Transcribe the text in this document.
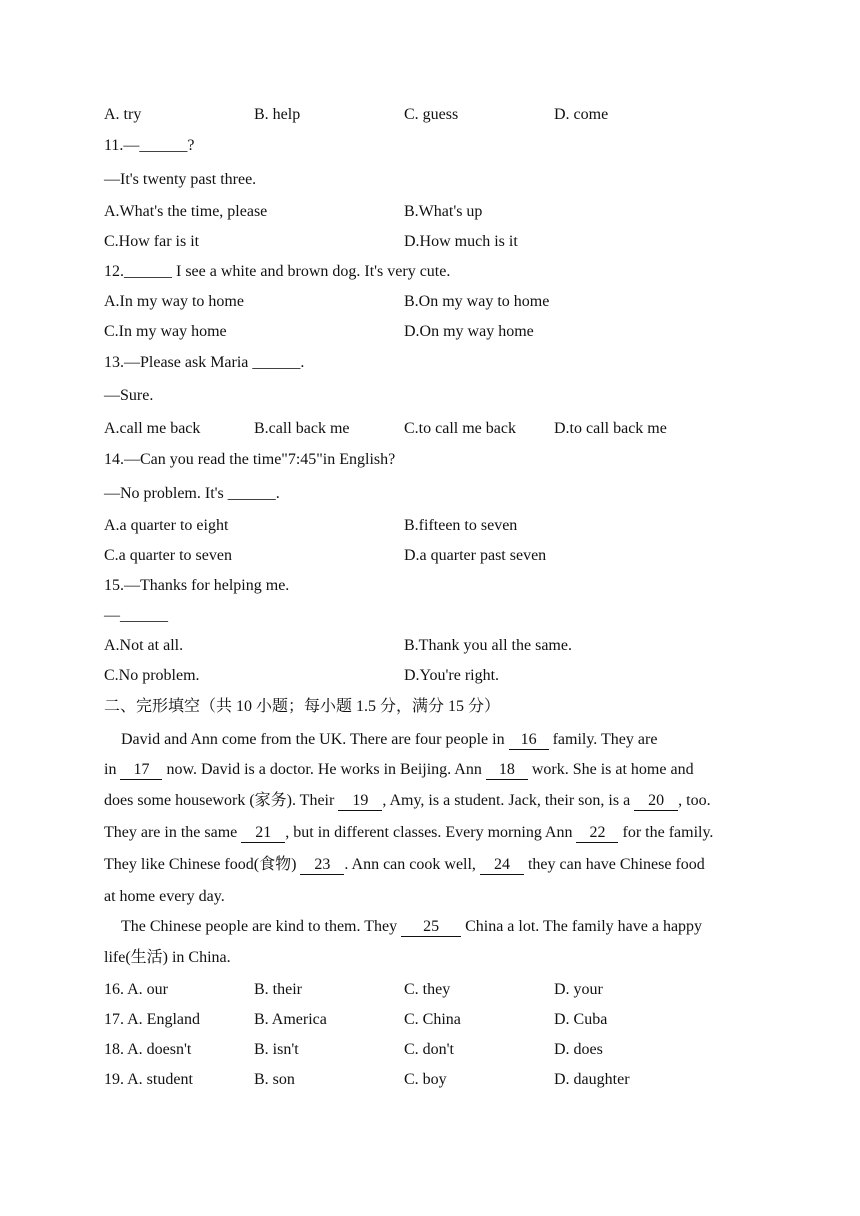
A. try	B. help	C. guess	D. come
11.—______?
—It's twenty past three.
A.What's the time, please	B.What's up
C.How far is it	D.How much is it
12.______ I see a white and brown dog. It's very cute.
A.In my way to home	B.On my way to home
C.In my way home	D.On my way home
13.—Please ask Maria ______.
—Sure.
A.call me back	B.call back me	C.to call me back D.to call back me
14.—Can you read the time"7:45"in English?
—No problem. It's ______.
A.a quarter to eight	B.fifteen to seven
C.a quarter to seven	D.a quarter past seven
15.—Thanks for helping me.
—______
A.Not at all.	B.Thank you all the same.
C.No problem.	D.You're right.
二、完形填空（共 10 小题；每小题 1.5 分，满分 15 分）
David and Ann come from the UK. There are four people in 16 family. They are
in 17 now. David is a doctor. He works in Beijing. Ann 18 work. She is at home and
does some housework (家务). Their 19 , Amy, is a student. Jack, their son, is a 20 , too.
They are in the same 21 , but in different classes. Every morning Ann 22 for the family.
They like Chinese food(食物) 23 . Ann can cook well, 24 they can have Chinese food
at home every day.
The Chinese people are kind to them. They 25 China a lot. The family have a happy
life(生活) in China.
16. A. our	B. their	C. they	D. your
17. A. England	B. America	C. China	D. Cuba
18. A. doesn't	B. isn't	C. don't	D. does
19. A. student	B. son	C. boy	D. daughter
